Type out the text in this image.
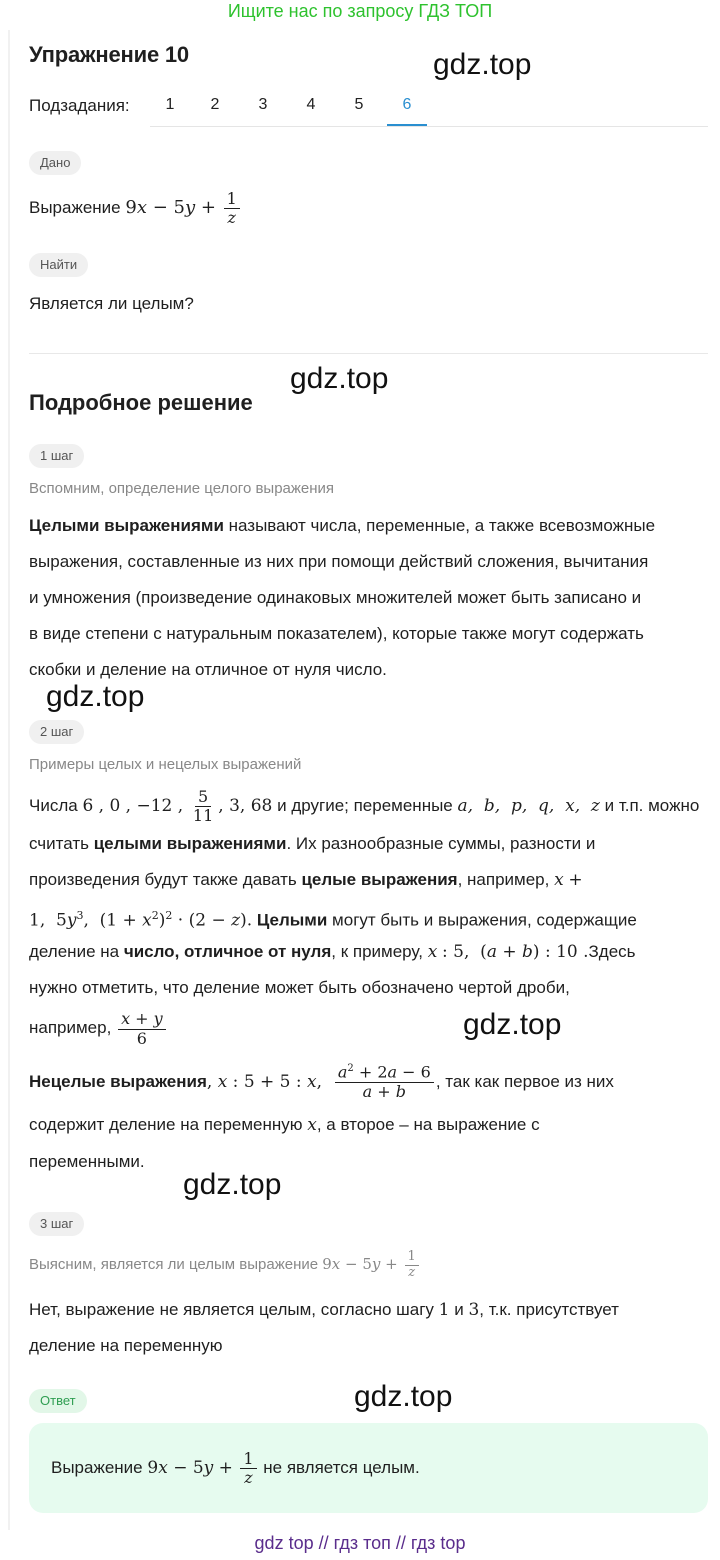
Ищите нас по запросу ГДЗ ТОП
Упражнение 10	gdz.top
Подзадания:	1	2	3	4	5	6
Дано
Выражение $9x - 5y + \frac{1}{z}$
Найти
Является ли целым?
gdz.top
Подробное решение
1 шаг
Вспомним, определение целого выражения
Целыми выражениями называют числа, переменные, а также всевозможные
выражения, составленные из них при помощи действий сложения, вычитания
и умножения (произведение одинаковых множителей может быть записано и
в виде степени с натуральным показателем), которые также могут содержать
скобки и деление на отличное от нуля число.
gdz.top
2 шаг
Примеры целых и нецелых выражений
Числа 6 , 0 , −12 , $\frac{5}{11}$ , 3, 68 и другие; переменные a,  b,  p,  q,  x,  z и т.п. можно
считать целыми выражениями. Их разнообразные суммы, разности и
произведения будут также давать целые выражения, например, x +
1,  $5y^3$,  $(1 + x^2)^2 \cdot (2 - z)$. Целыми могут быть и выражения, содержащие
деление на число, отличное от нуля, к примеру, x : 5,  (a + b) : 10 .Здесь
нужно отметить, что деление может быть обозначено чертой дроби,
например, $\frac{x + y}{6}$	gdz.top
Нецелые выражения, x : 5 + 5 : x, $\frac{a^2 + 2a - 6}{a + b}$ , так как первое из них
содержит деление на переменную x, а второе – на выражение с
переменными.
gdz.top
3 шаг
Выясним, является ли целым выражение $9x - 5y + \frac{1}{z}$
Нет, выражение не является целым, согласно шагу 1 и 3, т.к. присутствует
деление на переменную
gdz.top
Ответ
Выражение $9x - 5y + \frac{1}{z}$ не является целым.
gdz top // гдз топ // гдз top
